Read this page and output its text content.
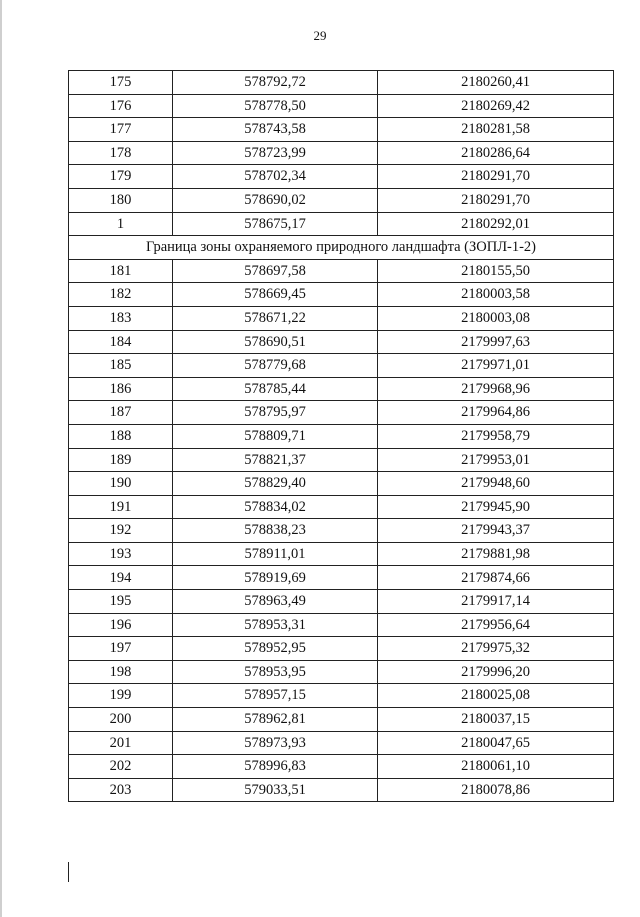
29
175	578792,72	2180260,41
176	578778,50	2180269,42
177	578743,58	2180281,58
178	578723,99	2180286,64
179	578702,34	2180291,70
180	578690,02	2180291,70
1	578675,17	2180292,01
Граница зоны охраняемого природного ландшафта (ЗОПЛ-1-2)		
181	578697,58	2180155,50
182	578669,45	2180003,58
183	578671,22	2180003,08
184	578690,51	2179997,63
185	578779,68	2179971,01
186	578785,44	2179968,96
187	578795,97	2179964,86
188	578809,71	2179958,79
189	578821,37	2179953,01
190	578829,40	2179948,60
191	578834,02	2179945,90
192	578838,23	2179943,37
193	578911,01	2179881,98
194	578919,69	2179874,66
195	578963,49	2179917,14
196	578953,31	2179956,64
197	578952,95	2179975,32
198	578953,95	2179996,20
199	578957,15	2180025,08
200	578962,81	2180037,15
201	578973,93	2180047,65
202	578996,83	2180061,10
203	579033,51	2180078,86
